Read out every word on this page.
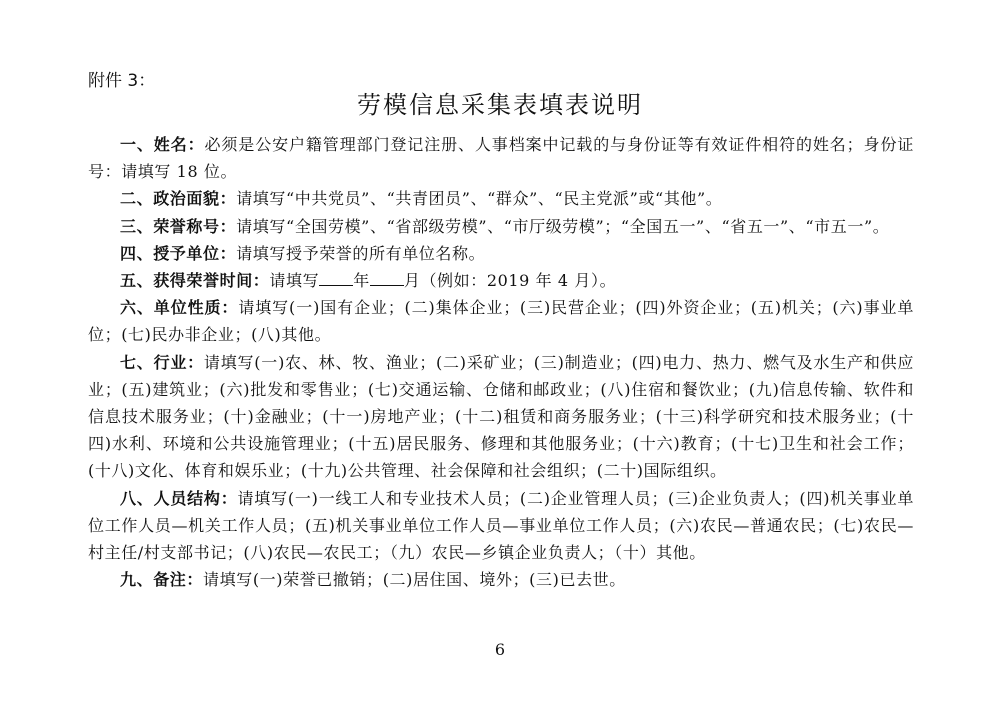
附件 3：
劳模信息采集表填表说明

一、姓名：必须是公安户籍管理部门登记注册、人事档案中记载的与身份证等有效证件相符的姓名；身份证号：请填写 18 位。

二、政治面貌：请填写“中共党员”、“共青团员”、“群众”、“民主党派”或“其他”。

三、荣誉称号：请填写“全国劳模”、“省部级劳模”、“市厅级劳模”；“全国五一”、“省五一”、“市五一”。

四、授予单位：请填写授予荣誉的所有单位名称。

五、获得荣誉时间：请填写 年 月（例如：2019 年 4 月）。

六、单位性质：请填写(一)国有企业；(二)集体企业；(三)民营企业；(四)外资企业；(五)机关；(六)事业单位；(七)民办非企业；(八)其他。

七、行业：请填写(一)农、林、牧、渔业；(二)采矿业；(三)制造业；(四)电力、热力、燃气及水生产和供应业；(五)建筑业；(六)批发和零售业；(七)交通运输、仓储和邮政业；(八)住宿和餐饮业；(九)信息传输、软件和信息技术服务业；(十)金融业；(十一)房地产业；(十二)租赁和商务服务业；(十三)科学研究和技术服务业；(十四)水利、环境和公共设施管理业；(十五)居民服务、修理和其他服务业；(十六)教育；(十七)卫生和社会工作；(十八)文化、体育和娱乐业；(十九)公共管理、社会保障和社会组织；(二十)国际组织。

八、人员结构：请填写(一)一线工人和专业技术人员；(二)企业管理人员；(三)企业负责人；(四)机关事业单位工作人员—机关工作人员；(五)机关事业单位工作人员—事业单位工作人员；(六)农民—普通农民；(七)农民—村主任/村支部书记；(八)农民—农民工；（九）农民—乡镇企业负责人；（十）其他。

九、备注：请填写(一)荣誉已撤销；(二)居住国、境外；(三)已去世。

6
